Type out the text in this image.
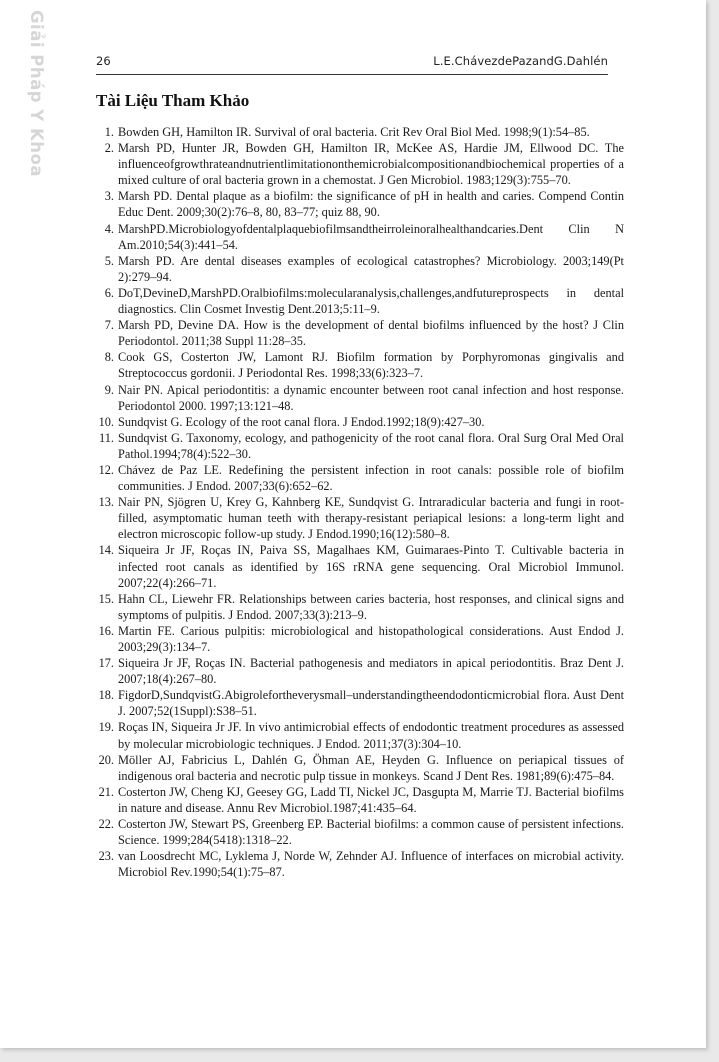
Giải Pháp Y Khoa	26	L.E.ChávezdePazandG.Dahlén
Tài Liệu Tham Khảo
1. Bowden GH, Hamilton IR. Survival of oral bacteria. Crit Rev Oral Biol Med. 1998;9(1):54–85.
2. Marsh PD, Hunter JR, Bowden GH, Hamilton IR, McKee AS, Hardie JM, Ellwood DC. The influenceofgrowthrateandnutrientlimitationonthemicrobialcompositionandbiochemical properties of a mixed culture of oral bacteria grown in a chemostat. J Gen Microbiol. 1983;129(3):755–70.
3. Marsh PD. Dental plaque as a biofilm: the significance of pH in health and caries. Compend Contin Educ Dent. 2009;30(2):76–8, 80, 83–77; quiz 88, 90.
4. MarshPD.Microbiologyofdentalplaquebiofilmsandtheirroleinoralhealthandcaries.Dent Clin N Am.2010;54(3):441–54.
5. Marsh PD. Are dental diseases examples of ecological catastrophes? Microbiology. 2003;149(Pt 2):279–94.
6. DoT,DevineD,MarshPD.Oralbiofilms:molecularanalysis,challenges,andfutureprospects in dental diagnostics. Clin Cosmet Investig Dent.2013;5:11–9.
7. Marsh PD, Devine DA. How is the development of dental biofilms influenced by the host? J Clin Periodontol. 2011;38 Suppl 11:28–35.
8. Cook GS, Costerton JW, Lamont RJ. Biofilm formation by Porphyromonas gingivalis and Streptococcus gordonii. J Periodontal Res. 1998;33(6):323–7.
9. Nair PN. Apical periodontitis: a dynamic encounter between root canal infection and host response. Periodontol 2000. 1997;13:121–48.
10. Sundqvist G. Ecology of the root canal flora. J Endod.1992;18(9):427–30.
11. Sundqvist G. Taxonomy, ecology, and pathogenicity of the root canal flora. Oral Surg Oral Med Oral Pathol.1994;78(4):522–30.
12. Chávez de Paz LE. Redefining the persistent infection in root canals: possible role of biofilm communities. J Endod. 2007;33(6):652–62.
13. Nair PN, Sjögren U, Krey G, Kahnberg KE, Sundqvist G. Intraradicular bacteria and fungi in root-filled, asymptomatic human teeth with therapy-resistant periapical lesions: a long-term light and electron microscopic follow-up study. J Endod.1990;16(12):580–8.
14. Siqueira Jr JF, Roças IN, Paiva SS, Magalhaes KM, Guimaraes-Pinto T. Cultivable bacteria in infected root canals as identified by 16S rRNA gene sequencing. Oral Microbiol Immunol. 2007;22(4):266–71.
15. Hahn CL, Liewehr FR. Relationships between caries bacteria, host responses, and clinical signs and symptoms of pulpitis. J Endod. 2007;33(3):213–9.
16. Martin FE. Carious pulpitis: microbiological and histopathological considerations. Aust Endod J. 2003;29(3):134–7.
17. Siqueira Jr JF, Roças IN. Bacterial pathogenesis and mediators in apical periodontitis. Braz Dent J. 2007;18(4):267–80.
18. FigdorD,SundqvistG.Abigrolefortheverysmall–understandingtheendodonticmicrobial flora. Aust Dent J. 2007;52(1Suppl):S38–51.
19. Roças IN, Siqueira Jr JF. In vivo antimicrobial effects of endodontic treatment procedures as assessed by molecular microbiologic techniques. J Endod. 2011;37(3):304–10.
20. Möller AJ, Fabricius L, Dahlén G, Öhman AE, Heyden G. Influence on periapical tissues of indigenous oral bacteria and necrotic pulp tissue in monkeys. Scand J Dent Res. 1981;89(6):475–84.
21. Costerton JW, Cheng KJ, Geesey GG, Ladd TI, Nickel JC, Dasgupta M, Marrie TJ. Bacterial biofilms in nature and disease. Annu Rev Microbiol.1987;41:435–64.
22. Costerton JW, Stewart PS, Greenberg EP. Bacterial biofilms: a common cause of persistent infections. Science. 1999;284(5418):1318–22.
23. van Loosdrecht MC, Lyklema J, Norde W, Zehnder AJ. Influence of interfaces on microbial activity. Microbiol Rev.1990;54(1):75–87.
